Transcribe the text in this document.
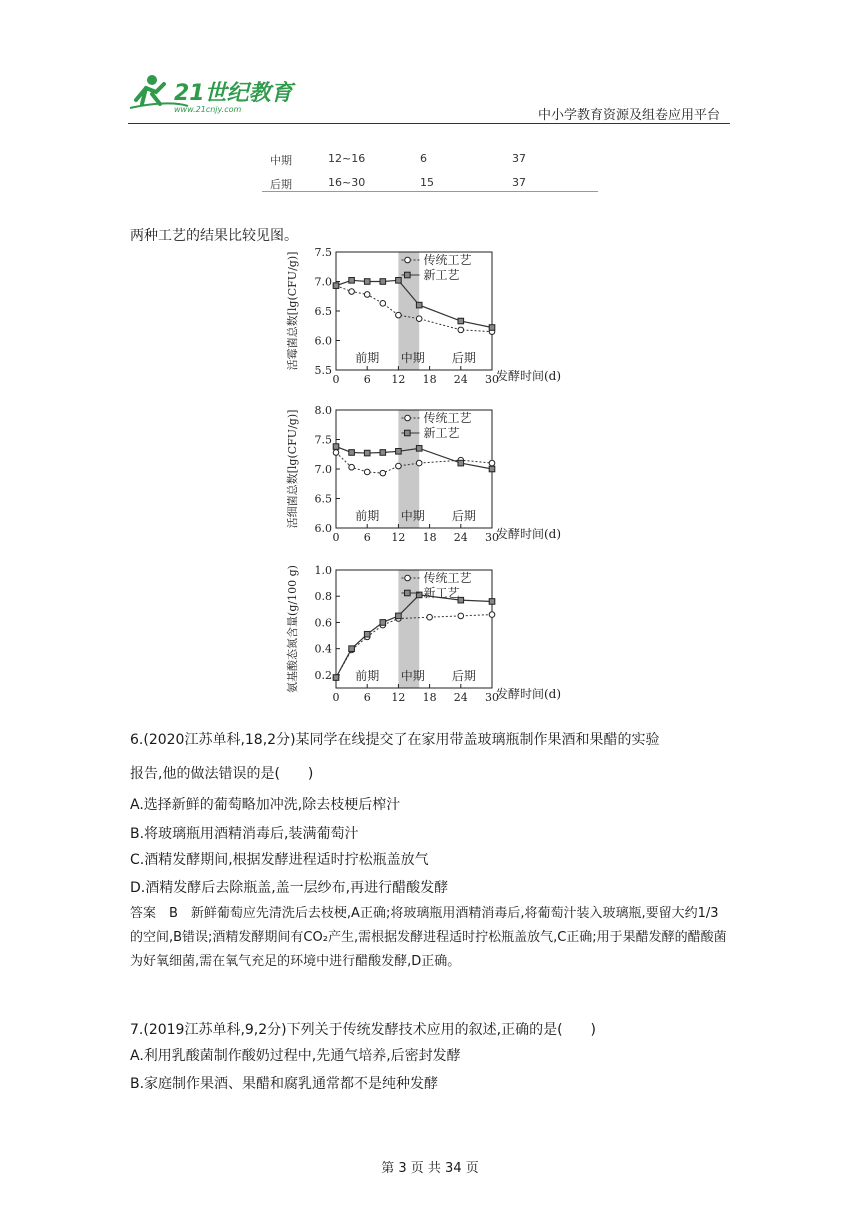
21世纪教育
www.21cnjy.com	中小学教育资源及组卷应用平台
中期	12~16	6	37
后期	16~30	15	37
两种工艺的结果比较见图。
5.5
6.0
6.5
7.0
7.5
0 6 12 18 24 30
发酵时间(d)
活霉菌总数[lg(CFU/g)]	前期 中期 后期
传统工艺
新工艺
6.0
6.5
7.0
7.5
8.0
0 6 12 18 24 30
发酵时间(d)
活细菌总数[lg(CFU/g)]	前期 中期 后期
传统工艺
新工艺
0.2
0.4
0.6
0.8
1.0
0 6 12 18 24 30
发酵时间(d)
氨基酸态氮含量(g/100 g)	前期 中期 后期
传统工艺
新工艺
6.(2020江苏单科,18,2分)某同学在线提交了在家用带盖玻璃瓶制作果酒和果醋的实验
报告,他的做法错误的是(　　)
A.选择新鲜的葡萄略加冲洗,除去枝梗后榨汁
B.将玻璃瓶用酒精消毒后,装满葡萄汁
C.酒精发酵期间,根据发酵进程适时拧松瓶盖放气
D.酒精发酵后去除瓶盖,盖一层纱布,再进行醋酸发酵
答案　B　新鲜葡萄应先清洗后去枝梗,A正确;将玻璃瓶用酒精消毒后,将葡萄汁装入玻璃瓶,要留大约1/3的空间,B错误;酒精发酵期间有CO₂产生,需根据发酵进程适时拧松瓶盖放气,C正确;用于果醋发酵的醋酸菌为好氧细菌,需在氧气充足的环境中进行醋酸发酵,D正确。
7.(2019江苏单科,9,2分)下列关于传统发酵技术应用的叙述,正确的是(　　)
A.利用乳酸菌制作酸奶过程中,先通气培养,后密封发酵
B.家庭制作果酒、果醋和腐乳通常都不是纯种发酵
第 3 页 共 34 页
